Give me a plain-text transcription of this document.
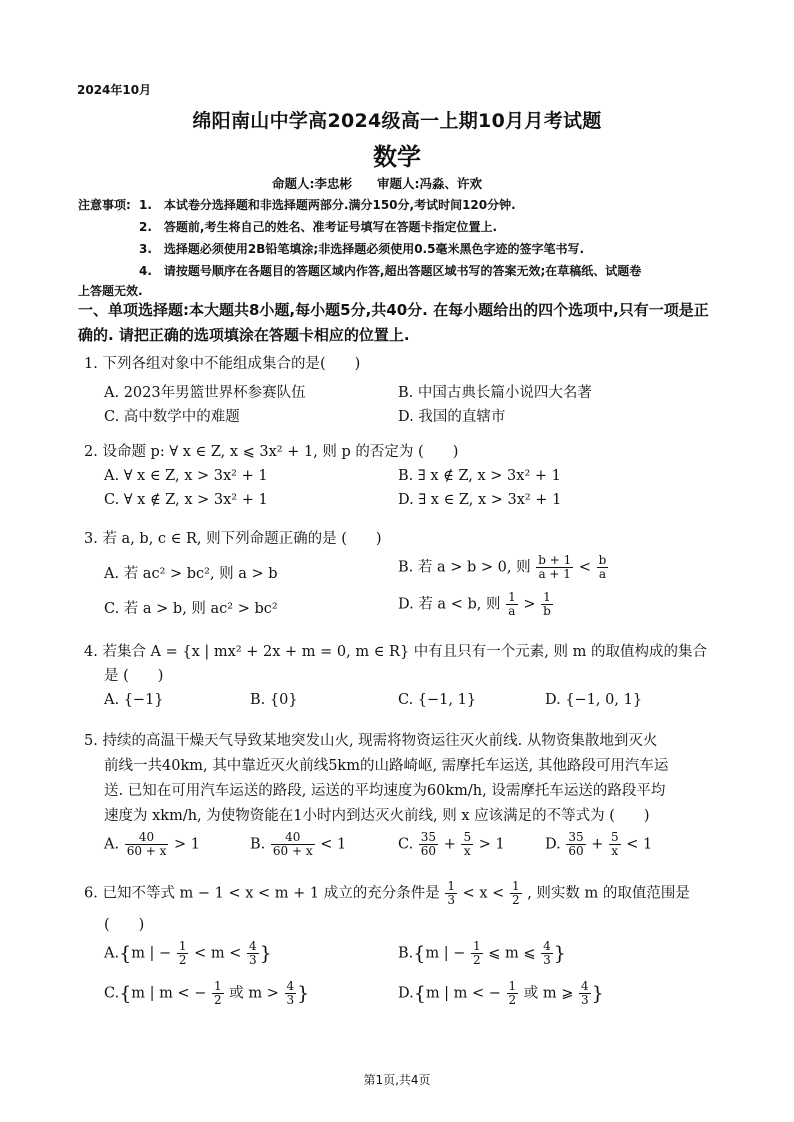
2024年10月
绵阳南山中学高2024级高一上期10月月考试题
数学
命题人:李忠彬　　审题人:冯淼、许欢
注意事项: 1.　本试卷分选择题和非选择题两部分.满分150分,考试时间120分钟.
2.　答题前,考生将自己的姓名、准考证号填写在答题卡指定位置上.
3.　选择题必须使用2B铅笔填涂;非选择题必须使用0.5毫米黑色字迹的签字笔书写.
4.　请按题号顺序在各题目的答题区域内作答,超出答题区域书写的答案无效;在草稿纸、试题卷
上答题无效.
一、单项选择题:本大题共8小题,每小题5分,共40分. 在每小题给出的四个选项中,只有一项是正确的. 请把正确的选项填涂在答题卡相应的位置上.
1. 下列各组对象中不能组成集合的是(　　)
A. 2023年男篮世界杯参赛队伍	B. 中国古典长篇小说四大名著
C. 高中数学中的难题	D. 我国的直辖市
2. 设命题 p: ∀ x ∈ Z, x ⩽ 3x² + 1, 则 p 的否定为 (　　)
A. ∀ x ∈ Z, x > 3x² + 1	B. ∃ x ∉ Z, x > 3x² + 1
C. ∀ x ∉ Z, x > 3x² + 1	D. ∃ x ∈ Z, x > 3x² + 1
3. 若 a, b, c ∈ R, 则下列命题正确的是 (　　)
A. 若 ac² > bc², 则 a > b	B. 若 a > b > 0, 则 $\frac{b + 1}{a + 1} < \frac{b}{a}$
C. 若 a > b, 则 ac² > bc²	D. 若 a < b, 则 $\frac{1}{a} > \frac{1}{b}$
4. 若集合 A = {x | mx² + 2x + m = 0, m ∈ R} 中有且只有一个元素, 则 m 的取值构成的集合
是 (　　)
A. {−1}	B. {0}	C. {−1, 1}	D. {−1, 0, 1}
5. 持续的高温干燥天气导致某地突发山火, 现需将物资运往灭火前线. 从物资集散地到灭火
前线一共40km, 其中靠近灭火前线5km的山路崎岖, 需摩托车运送, 其他路段可用汽车运
送. 已知在可用汽车运送的路段, 运送的平均速度为60km/h, 设需摩托车运送的路段平均
速度为 xkm/h, 为使物资能在1小时内到达灭火前线, 则 x 应该满足的不等式为 (　　)
A. $\frac{40}{60 + x} > 1$	B. $\frac{40}{60 + x} < 1$	C. $\frac{35}{60} + \frac{5}{x} > 1$	D. $\frac{35}{60} + \frac{5}{x} < 1$
6. 已知不等式 m − 1 < x < m + 1 成立的充分条件是 $\frac{1}{3} < x < \frac{1}{2}$ , 则实数 m 的取值范围是
(　　)
A.{m | − $\frac{1}{2} < m < \frac{4}{3}$ }	B.{m | − $\frac{1}{2}$ ⩽ m ⩽ $\frac{4}{3}$ }
C.{m | m < − $\frac{1}{2}$ 或 $m > \frac{4}{3}$ }	D.{m | m < − $\frac{1}{2}$ 或 m ⩾ $\frac{4}{3}$ }
第1页,共4页
